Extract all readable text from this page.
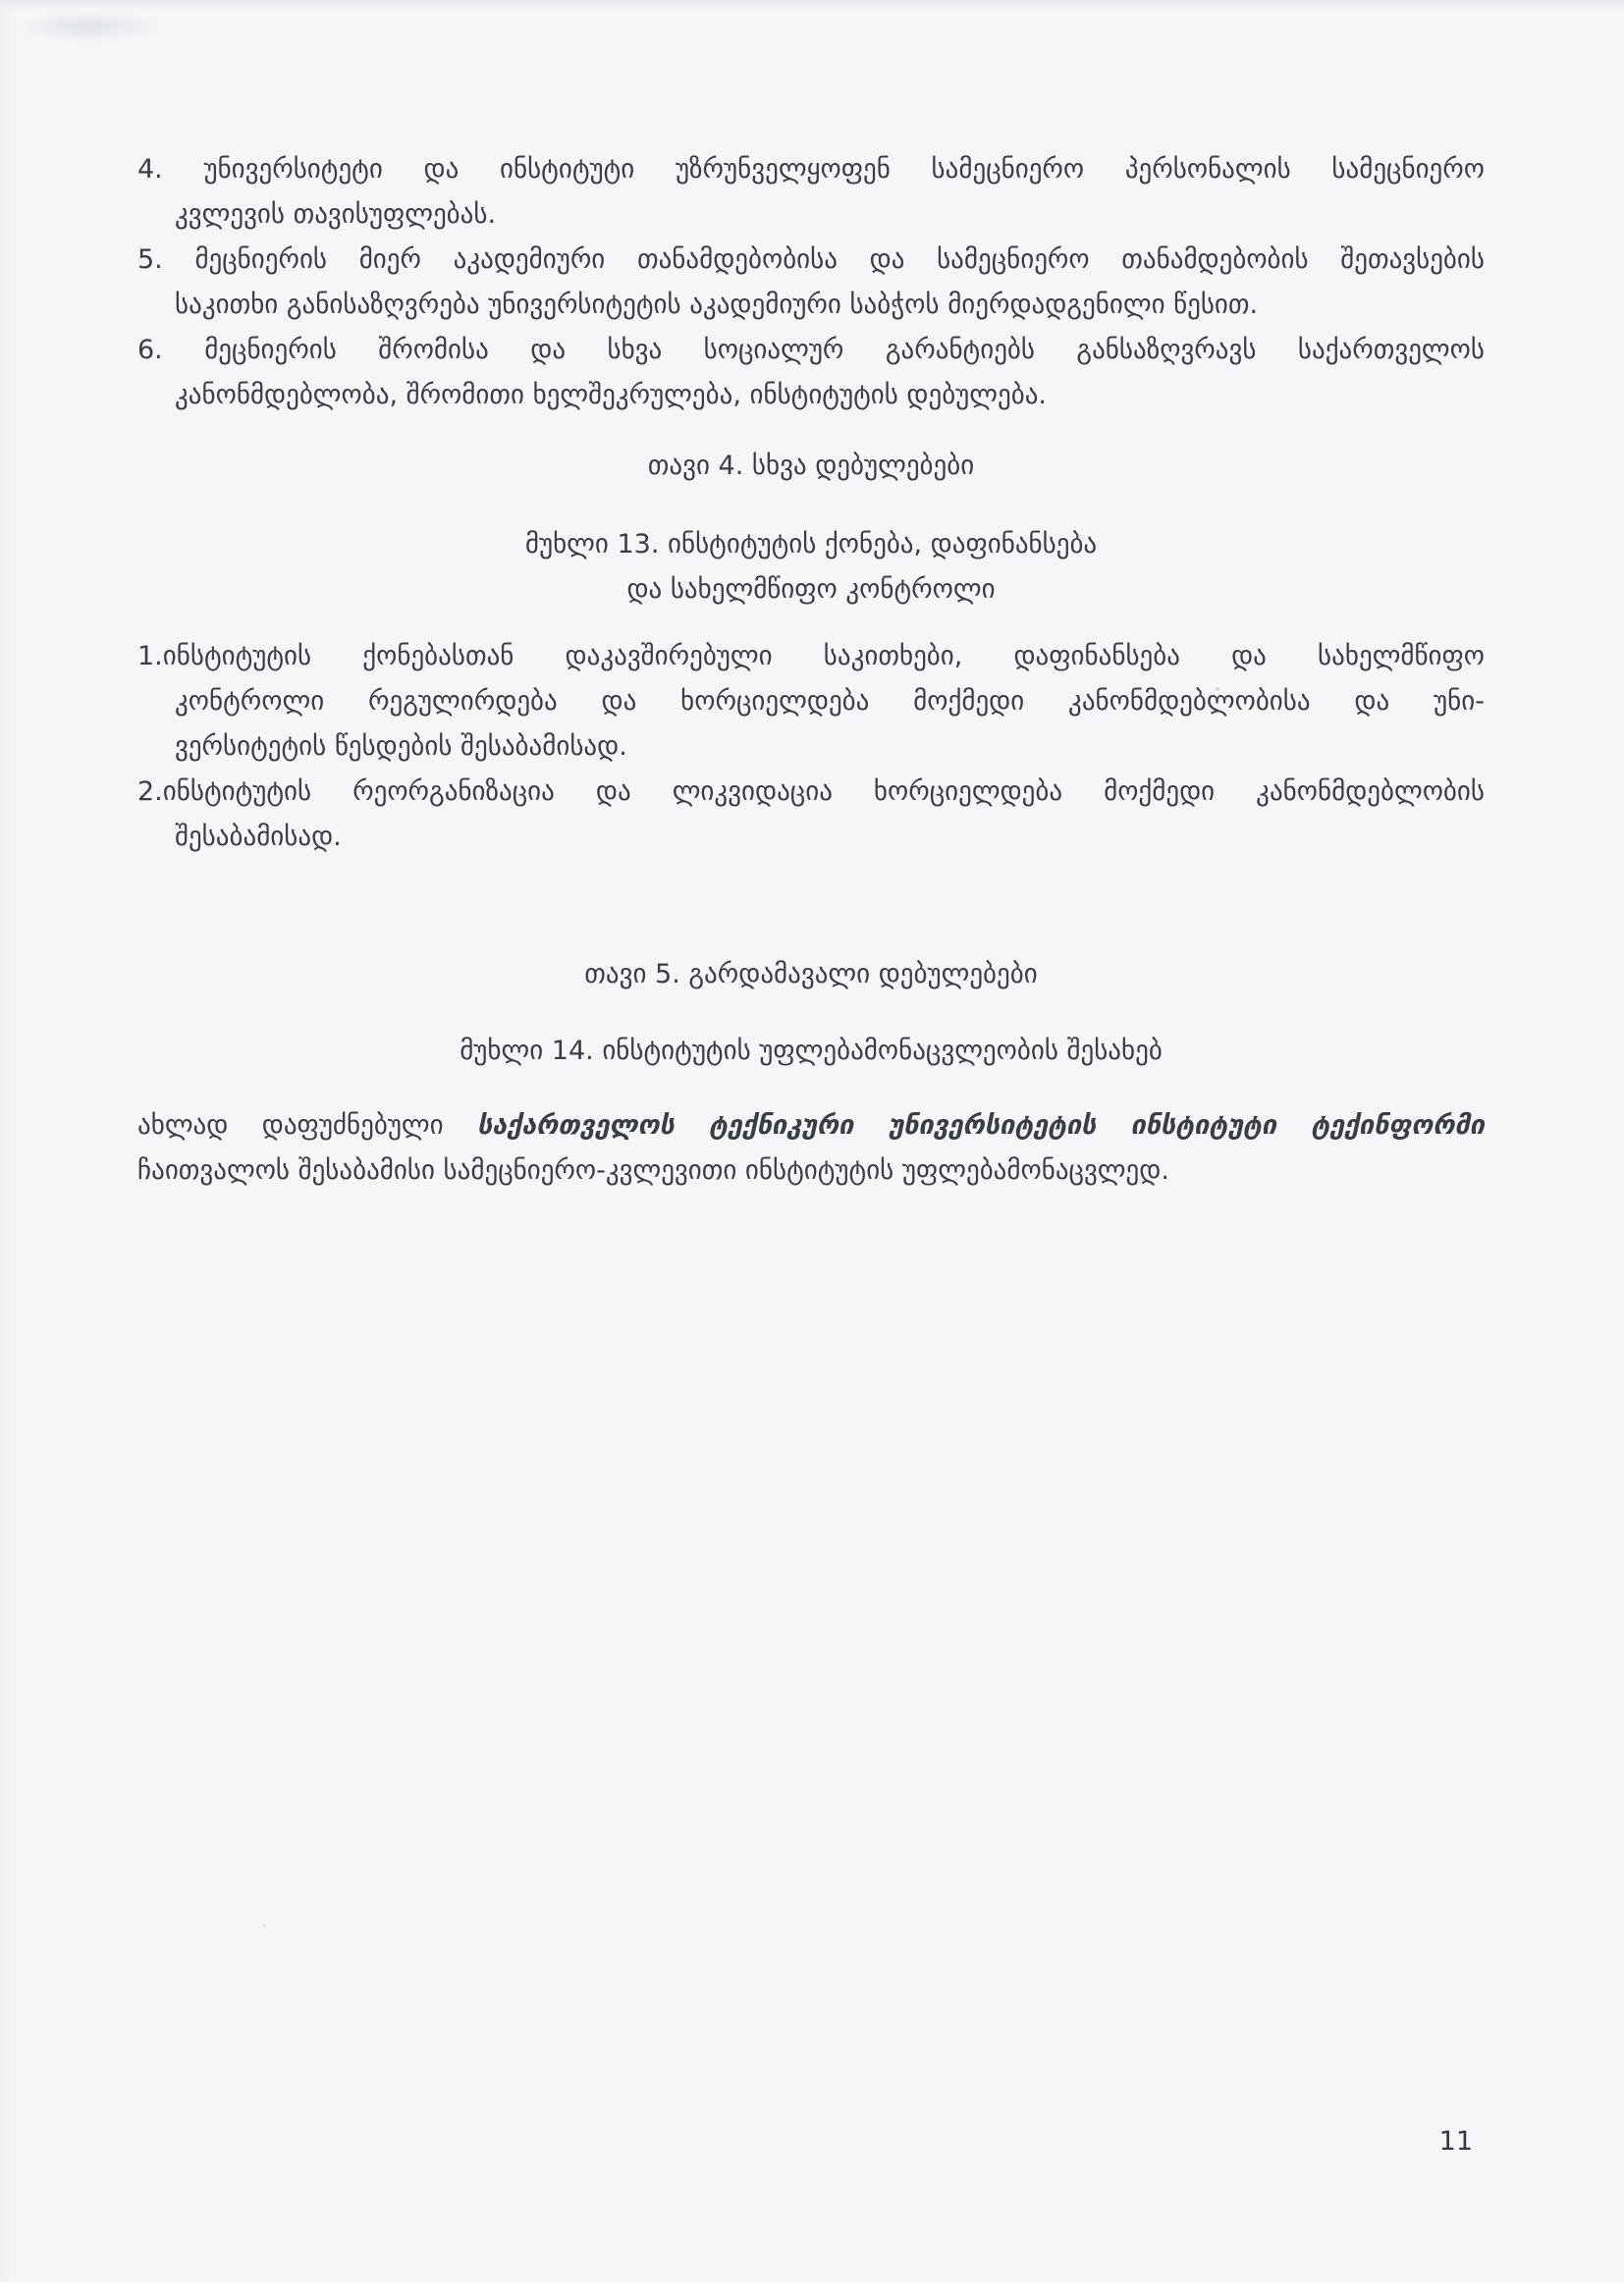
4. უნივერსიტეტი და ინსტიტუტი უზრუნველყოფენ სამეცნიერო პერსონალის სამეცნიერო
კვლევის თავისუფლებას.
5. მეცნიერის მიერ აკადემიური თანამდებობისა და სამეცნიერო თანამდებობის შეთავსების
საკითხი განისაზღვრება უნივერსიტეტის აკადემიური საბჭოს მიერდადგენილი წესით.
6. მეცნიერის შრომისა და სხვა სოციალურ გარანტიებს განსაზღვრავს საქართველოს
კანონმდებლობა, შრომითი ხელშეკრულება, ინსტიტუტის დებულება.
თავი 4. სხვა დებულებები
მუხლი 13. ინსტიტუტის ქონება, დაფინანსება
და სახელმწიფო კონტროლი
1.ინსტიტუტის ქონებასთან დაკავშირებული საკითხები, დაფინანსება და სახელმწიფო
კონტროლი რეგულირდება და ხორციელდება მოქმედი კანონმდებლობისა და უნი-
ვერსიტეტის წესდების შესაბამისად.
2.ინსტიტუტის რეორგანიზაცია და ლიკვიდაცია ხორციელდება მოქმედი კანონმდებლობის
შესაბამისად.
თავი 5. გარდამავალი დებულებები
მუხლი 14. ინსტიტუტის უფლებამონაცვლეობის შესახებ
ახლად დაფუძნებული საქართველოს ტექნიკური უნივერსიტეტის ინსტიტუტი ტექინფორმი
ჩაითვალოს შესაბამისი სამეცნიერო-კვლევითი ინსტიტუტის უფლებამონაცვლედ.
11
